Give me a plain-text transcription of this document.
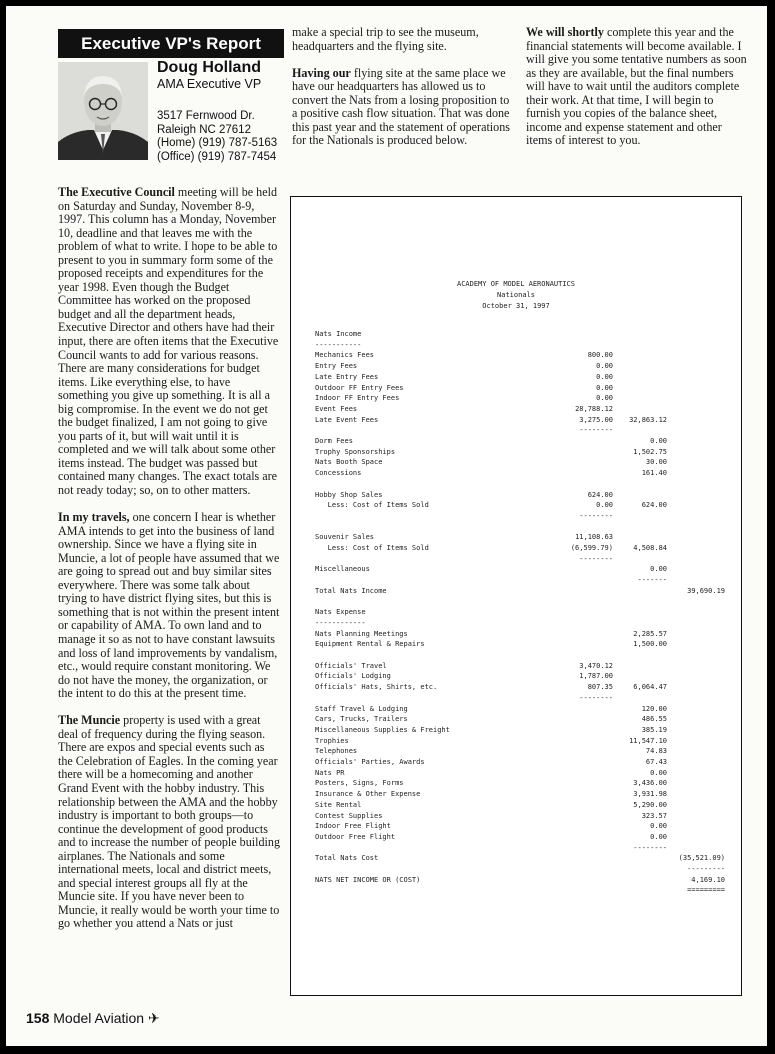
Executive VP's Report
Doug Holland
AMA Executive VP
3517 Fernwood Dr.
Raleigh NC 27612
(Home) (919) 787-5163
(Office) (919) 787-7454

The Executive Council meeting will be held on Saturday and Sunday, November 8-9, 1997. This column has a Monday, November 10, deadline and that leaves me with the problem of what to write. I hope to be able to present to you in summary form some of the proposed receipts and expenditures for the year 1998. Even though the Budget Committee has worked on the proposed budget and all the department heads, Executive Director and others have had their input, there are often items that the Executive Council wants to add for various reasons. There are many considerations for budget items. Like everything else, to have something you give up something. It is all a big compromise. In the event we do not get the budget finalized, I am not going to give you parts of it, but will wait until it is completed and we will talk about some other items instead. The budget was passed but contained many changes. The exact totals are not ready today; so, on to other matters.

In my travels, one concern I hear is whether AMA intends to get into the business of land ownership. Since we have a flying site in Muncie, a lot of people have assumed that we are going to spread out and buy similar sites everywhere. There was some talk about trying to have district flying sites, but this is something that is not within the present intent or capability of AMA. To own land and to manage it so as not to have constant lawsuits and loss of land improvements by vandalism, etc., would require constant monitoring. We do not have the money, the organization, or the intent to do this at the present time.

The Muncie property is used with a great deal of frequency during the flying season. There are expos and special events such as the Celebration of Eagles. In the coming year there will be a homecoming and another Grand Event with the hobby industry. This relationship between the AMA and the hobby industry is important to both groups—to continue the development of good products and to increase the number of people building airplanes. The Nationals and some international meets, local and district meets, and special interest groups all fly at the Muncie site. If you have never been to Muncie, it really would be worth your time to go whether you attend a Nats or just

make a special trip to see the museum, headquarters and the flying site.

Having our flying site at the same place we have our headquarters has allowed us to convert the Nats from a losing proposition to a positive cash flow situation. That was done this past year and the statement of operations for the Nationals is produced below.

We will shortly complete this year and the financial statements will become available. I will give you some tentative numbers as soon as they are available, but the final numbers will have to wait until the auditors complete their work. At that time, I will begin to furnish you copies of the balance sheet, income and expense statement and other items of interest to you.

ACADEMY OF MODEL AERONAUTICS
Nationals
October 31, 1997
Nats Income
-----------
Mechanics Fees	800.00
Entry Fees	0.00
Late Entry Fees	0.00
Outdoor FF Entry Fees	0.00
Indoor FF Entry Fees	0.00
Event Fees	28,788.12
Late Event Fees	3,275.00 32,863.12
--------
Dorm Fees	0.00
Trophy Sponsorships	1,502.75
Nats Booth Space	30.00
Concessions	161.40
Hobby Shop Sales	624.00
Less: Cost of Items Sold	0.00	624.00
--------
Souvenir Sales	11,108.63
Less: Cost of Items Sold	(6,599.79)	4,508.84
--------
Miscellaneous	0.00
-------
Total Nats Income	39,690.19
Nats Expense
------------
Nats Planning Meetings	2,285.57
Equipment Rental & Repairs	1,500.00
Officials' Travel	3,470.12
Officials' Lodging	1,787.00
Officials' Hats, Shirts, etc.	807.35	6,064.47
--------
Staff Travel & Lodging	120.00
Cars, Trucks, Trailers	486.55
Miscellaneous Supplies & Freight	385.19
Trophies	11,547.10
Telephones	74.83
Officials' Parties, Awards	67.43
Nats PR	0.00
Posters, Signs, Forms	3,436.00
Insurance & Other Expense	3,931.98
Site Rental	5,290.00
Contest Supplies	323.57
Indoor Free Flight	0.00
Outdoor Free Flight	0.00
--------
Total Nats Cost	(35,521.09)
---------
NATS NET INCOME OR (COST)	4,169.10
=========
158 Model Aviation ✈
